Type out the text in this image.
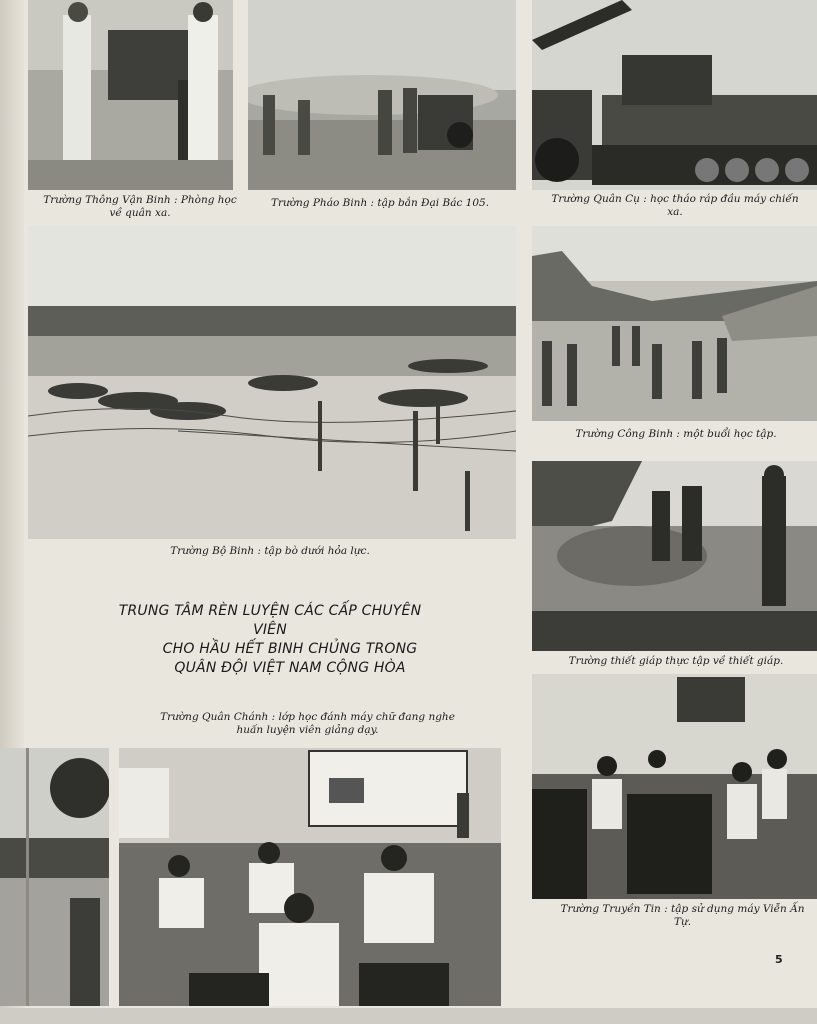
Trường Thông Vận Binh : Phòng học về quân xa.
Trường Pháo Binh : tập bắn Đại Bác 105.	Trường Quân Cụ : học tháo ráp đầu máy chiến xa.
Trường Bộ Binh : tập bò dưới hỏa lực.
Trường Công Binh : một buổi học tập.
Trường thiết giáp thực tập về thiết giáp.
TRUNG TÂM RÈN LUYỆN CÁC CẤP CHUYÊN VIÊN
CHO HẦU HẾT BINH CHỦNG TRONG
QUÂN ĐỘI VIỆT NAM CỘNG HÒA
Trường Quân Chánh : lớp học đánh máy chữ đang nghe huấn luyện viên giảng dạy.
Trường Truyền Tin : tập sử dụng máy Viễn Ấn Tự.
5
